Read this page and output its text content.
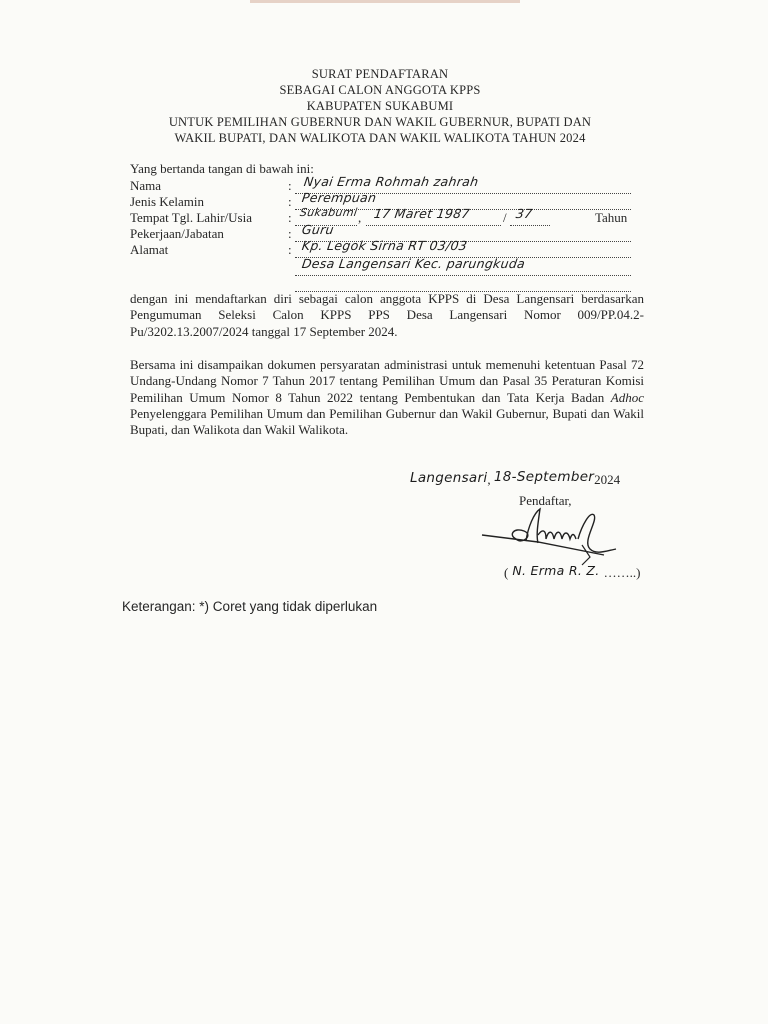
SURAT PENDAFTARAN
SEBAGAI CALON ANGGOTA KPPS
KABUPATEN SUKABUMI
UNTUK PEMILIHAN GUBERNUR DAN WAKIL GUBERNUR, BUPATI DAN
WAKIL BUPATI, DAN WALIKOTA DAN WAKIL WALIKOTA TAHUN 2024
Yang bertanda tangan di bawah ini:
Nama	: Nyai Erma Rohmah zahrah
Jenis Kelamin	: Perempuan
Tempat Tgl. Lahir/Usia	: Sukabumi , 17 Maret 1987 / 37	Tahun
Pekerjaan/Jabatan	: Guru
Alamat	: Kp. Legok Sirna RT 03/03
Desa Langensari Kec. parungkuda
dengan ini mendaftarkan diri sebagai calon anggota KPPS di Desa Langensari berdasarkan Pengumuman Seleksi Calon KPPS PPS Desa Langensari Nomor 009/PP.04.2-Pu/3202.13.2007/2024 tanggal 17 September 2024.
Bersama ini disampaikan dokumen persyaratan administrasi untuk memenuhi ketentuan Pasal 72 Undang-Undang Nomor 7 Tahun 2017 tentang Pemilihan Umum dan Pasal 35 Peraturan Komisi Pemilihan Umum Nomor 8 Tahun 2022 tentang Pembentukan dan Tata Kerja Badan Adhoc Penyelenggara Pemilihan Umum dan Pemilihan Gubernur dan Wakil Gubernur, Bupati dan Wakil Bupati, dan Walikota dan Wakil Walikota.
Langensari, 18-September2024
Pendaftar,
( N. Erma R. Z. ……..)
Keterangan: *) Coret yang tidak diperlukan
